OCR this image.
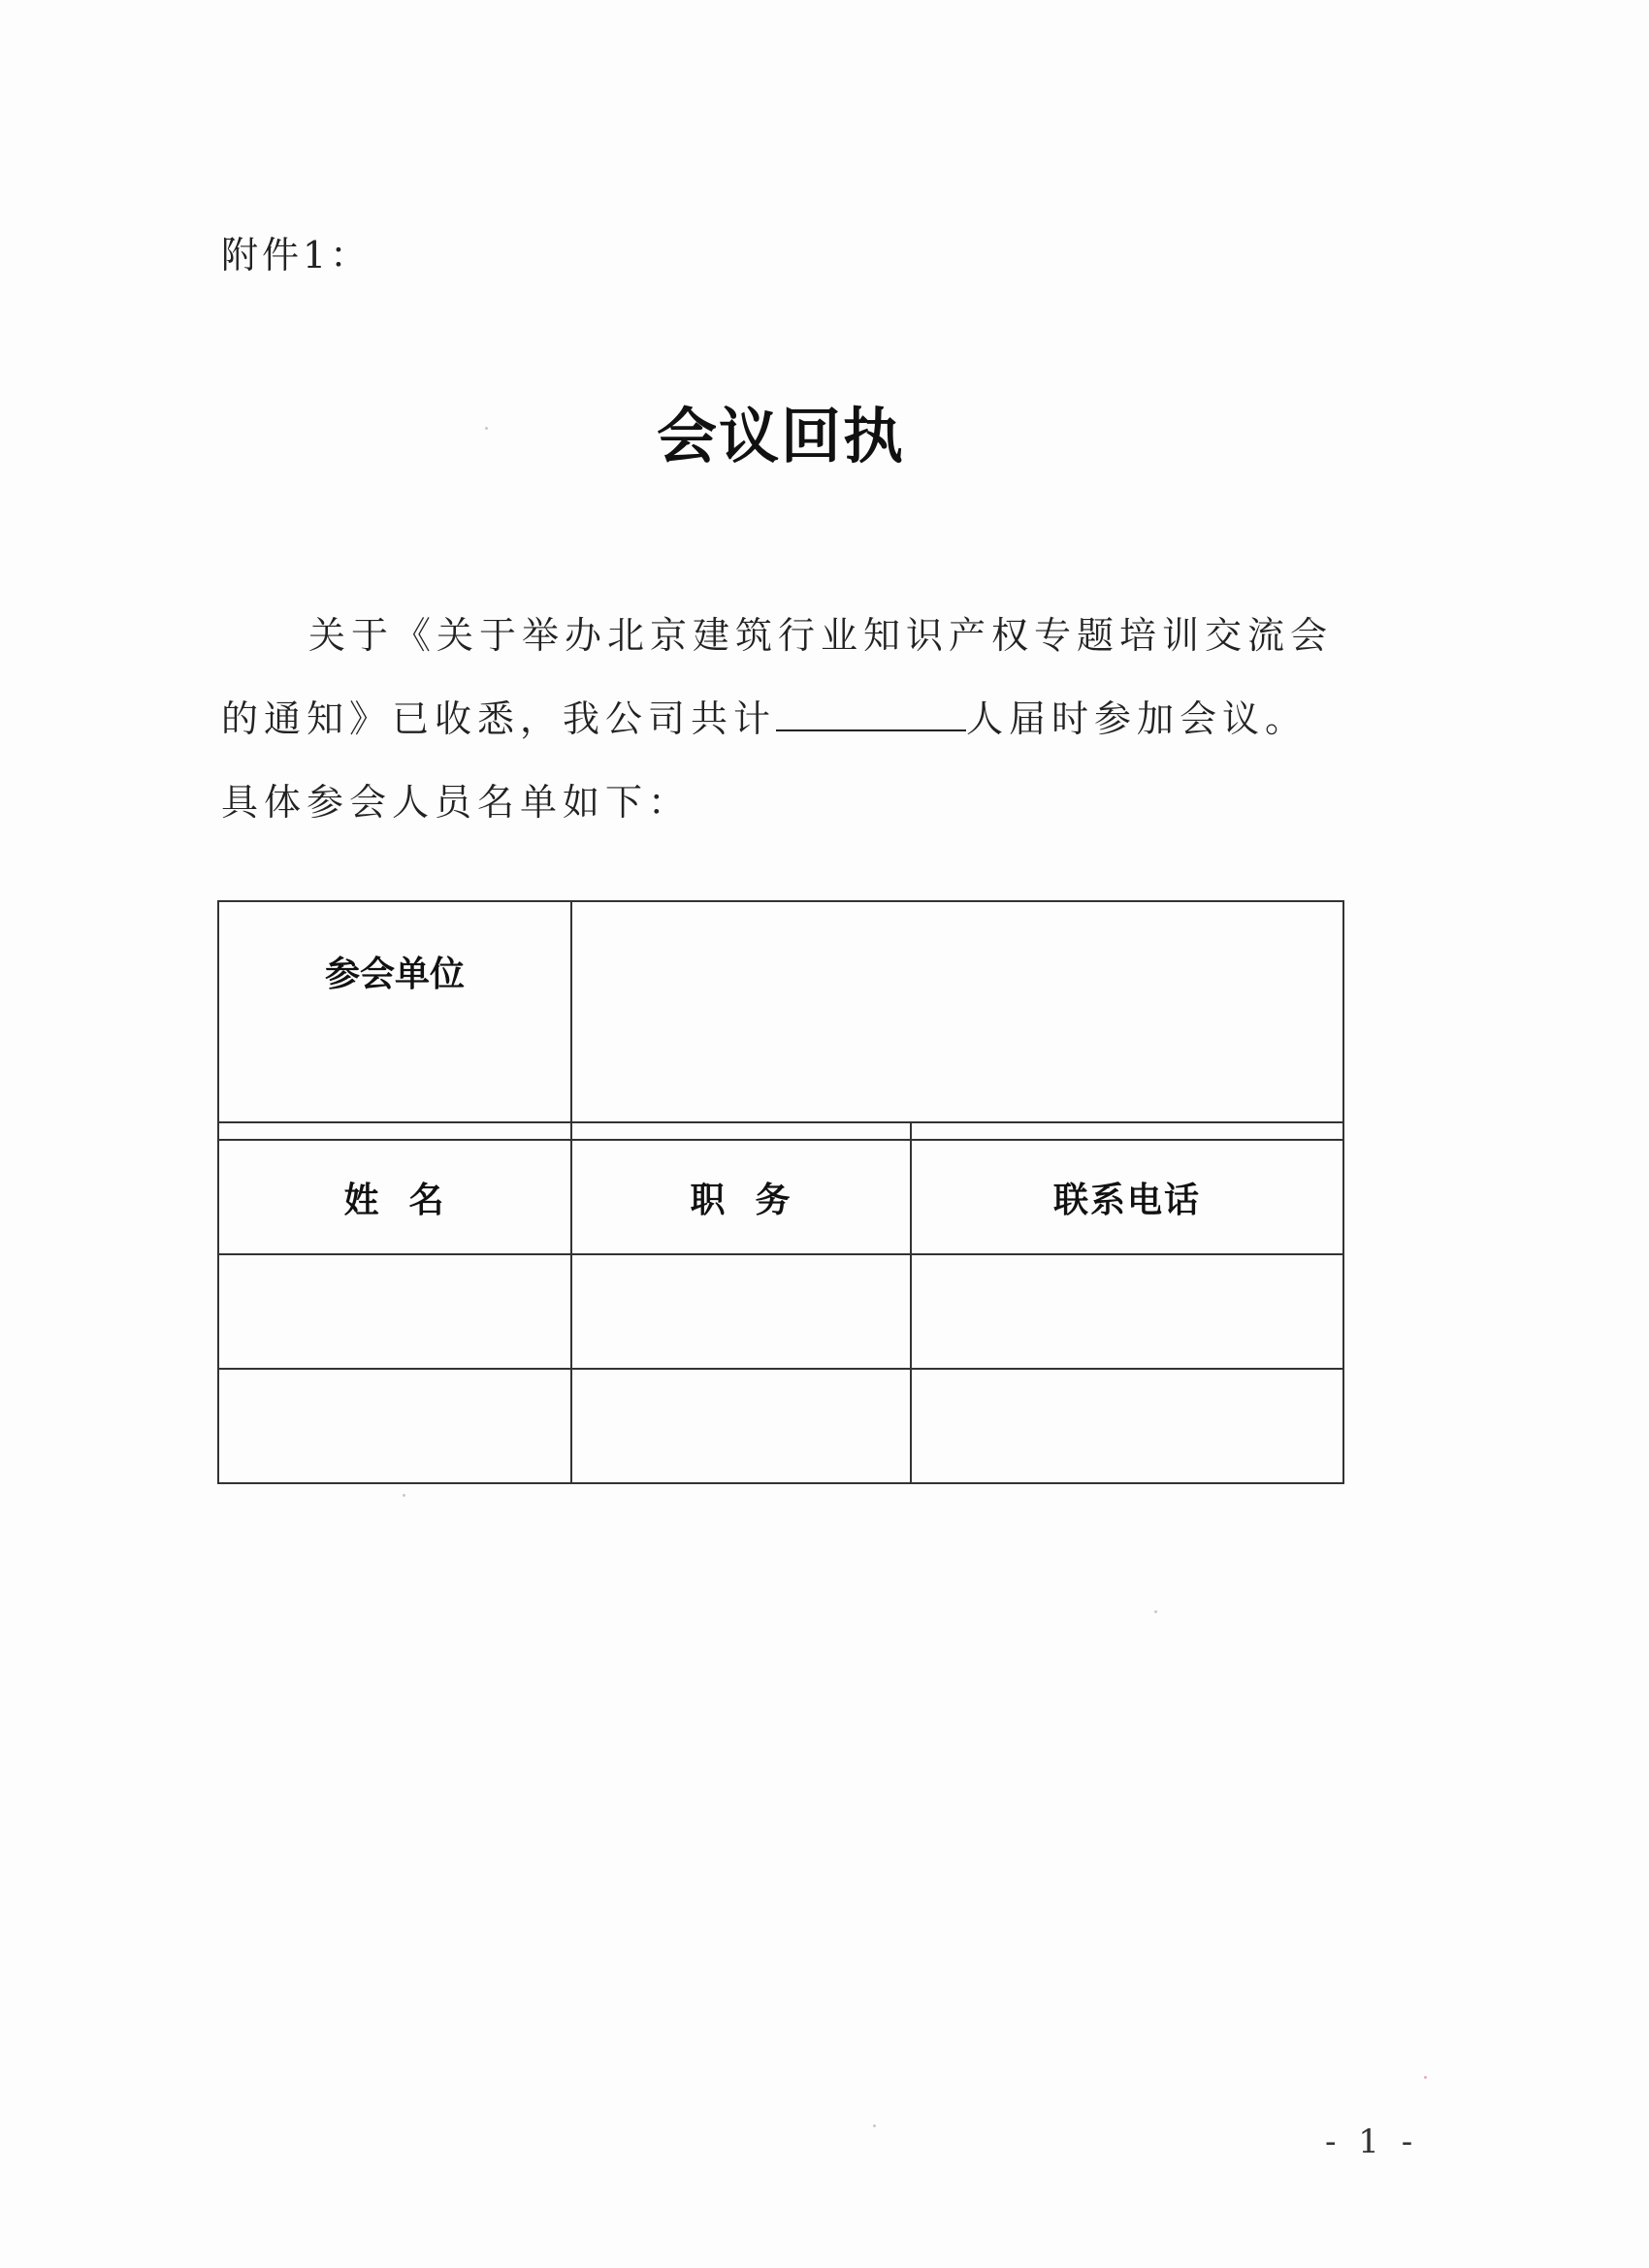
附件1：
会议回执
关于《关于举办北京建筑行业知识产权专题培训交流会的通知》已收悉，我公司共计	人届时参加会议。具体参会人员名单如下：
参会单位		

姓  名	职  务	联系电话

- 1 -
